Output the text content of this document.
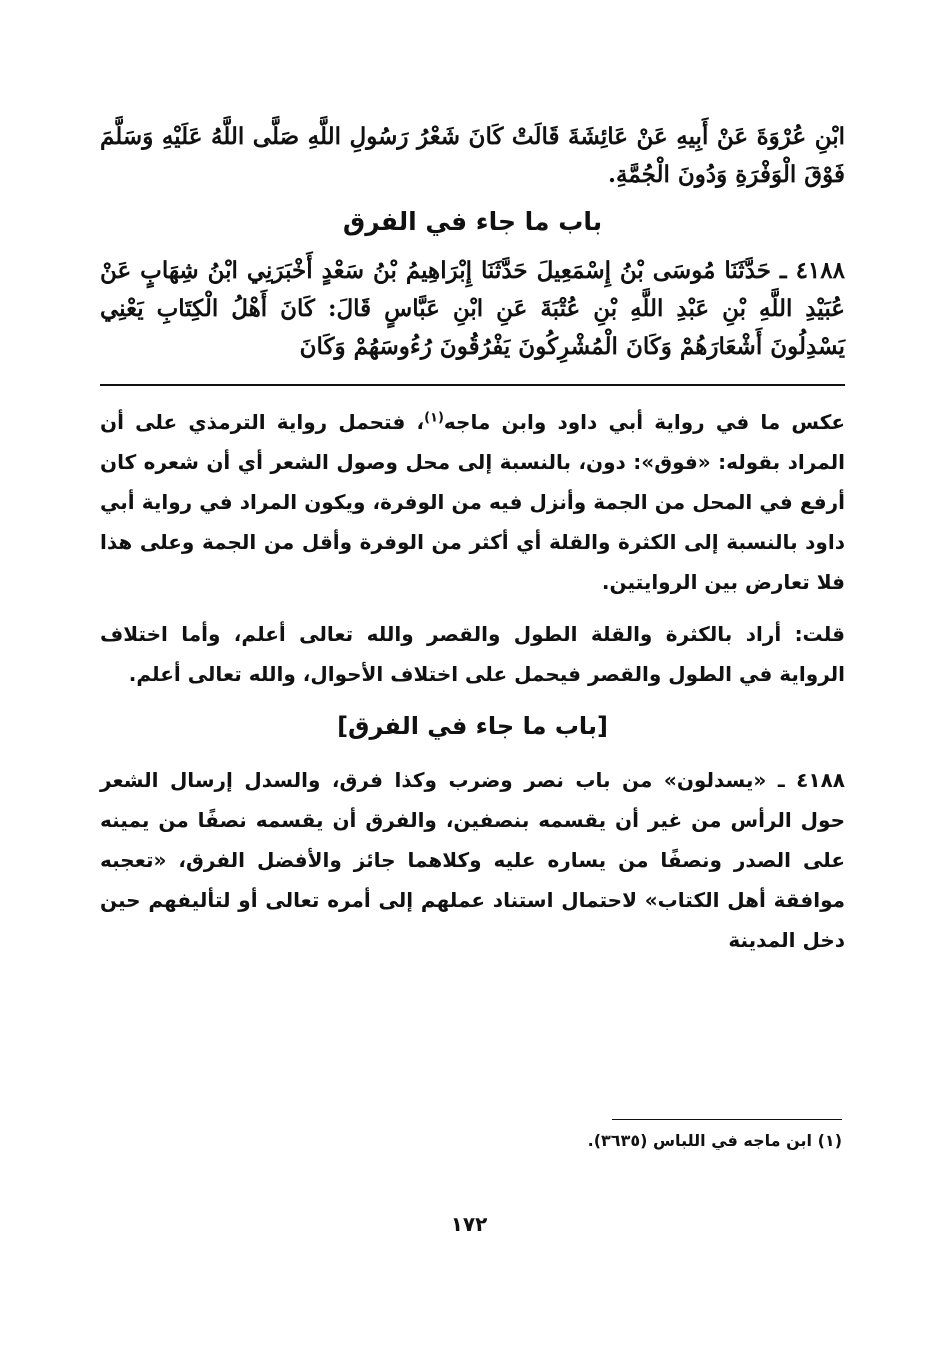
ابْنِ عُرْوَةَ عَنْ أَبِيهِ عَنْ عَائِشَةَ قَالَتْ كَانَ شَعْرُ رَسُولِ اللَّهِ صَلَّى اللَّهُ عَلَيْهِ وَسَلَّمَ فَوْقَ الْوَفْرَةِ وَدُونَ الْجُمَّةِ.

باب ما جاء في الفرق

٤١٨٨ ـ حَدَّثَنَا مُوسَى بْنُ إِسْمَعِيلَ حَدَّثَنَا إِبْرَاهِيمُ بْنُ سَعْدٍ أَخْبَرَنِي ابْنُ شِهَابٍ عَنْ عُبَيْدِ اللَّهِ بْنِ عَبْدِ اللَّهِ بْنِ عُتْبَةَ عَنِ ابْنِ عَبَّاسٍ قَالَ: كَانَ أَهْلُ الْكِتَابِ يَعْنِي يَسْدِلُونَ أَشْعَارَهُمْ وَكَانَ الْمُشْرِكُونَ يَفْرُقُونَ رُءُوسَهُمْ وَكَانَ

عكس ما في رواية أبي داود وابن ماجه$^{(١)}$، فتحمل رواية الترمذي على أن المراد بقوله: «فوق»: دون، بالنسبة إلى محل وصول الشعر أي أن شعره كان أرفع في المحل من الجمة وأنزل فيه من الوفرة، ويكون المراد في رواية أبي داود بالنسبة إلى الكثرة والقلة أي أكثر من الوفرة وأقل من الجمة وعلى هذا فلا تعارض بين الروايتين.

قلت: أراد بالكثرة والقلة الطول والقصر والله تعالى أعلم، وأما اختلاف الرواية في الطول والقصر فيحمل على اختلاف الأحوال، والله تعالى أعلم.

[باب ما جاء في الفرق]

٤١٨٨ ـ «يسدلون» من باب نصر وضرب وكذا فرق، والسدل إرسال الشعر حول الرأس من غير أن يقسمه بنصفين، والفرق أن يقسمه نصفًا من يمينه على الصدر ونصفًا من يساره عليه وكلاهما جائز والأفضل الفرق، «تعجبه موافقة أهل الكتاب» لاحتمال استناد عملهم إلى أمره تعالى أو لتأليفهم حين دخل المدينة

(١) ابن ماجه في اللباس (٣٦٣٥).
١٧٢
